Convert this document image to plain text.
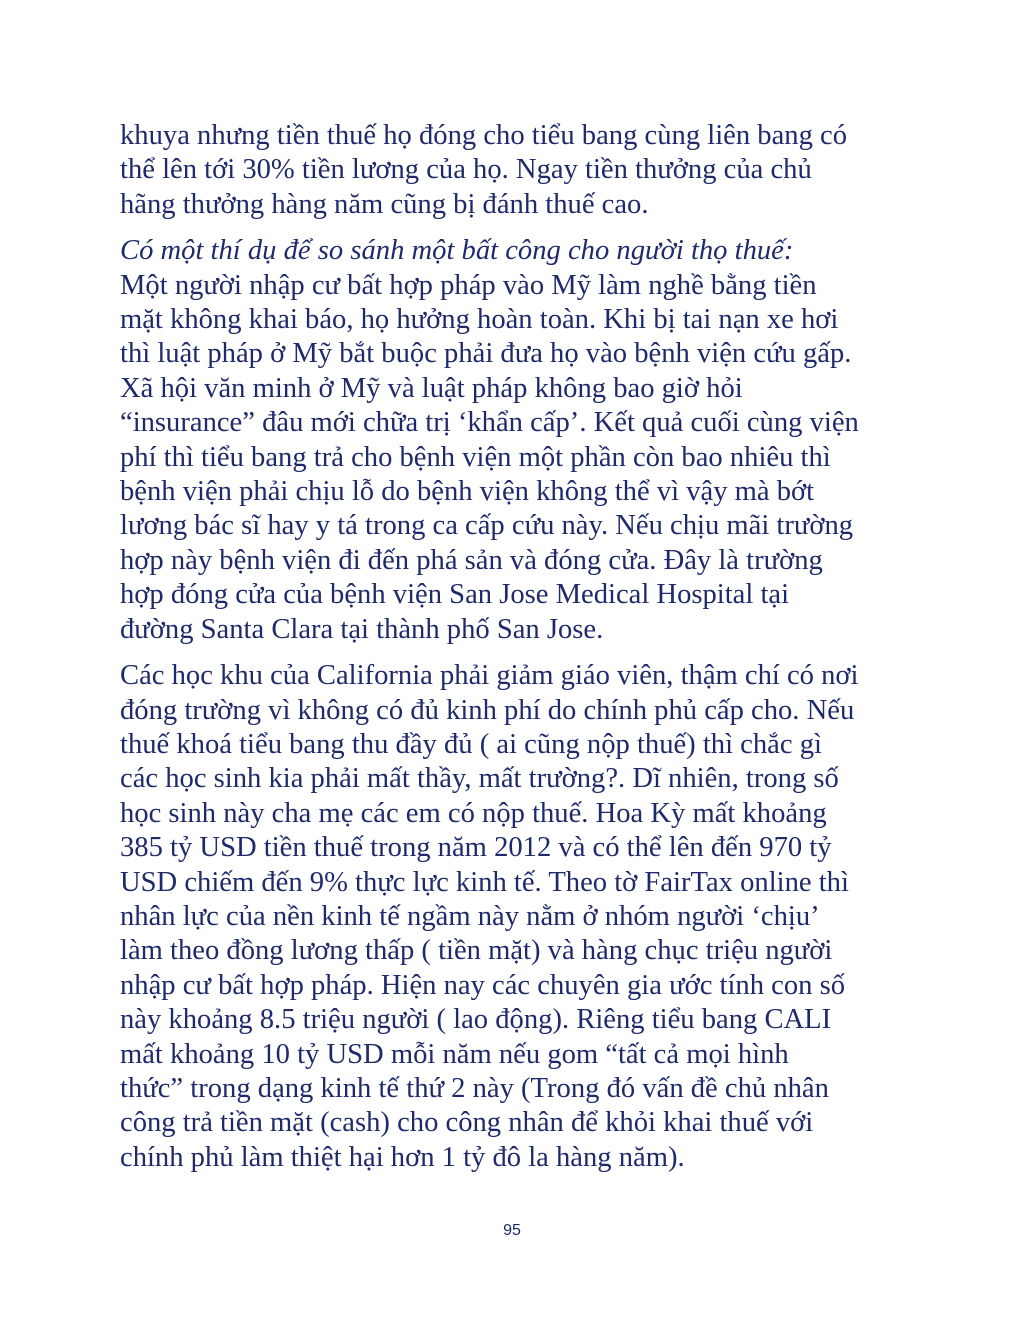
khuya nhưng tiền thuế họ đóng cho tiểu bang cùng liên bang có
thể lên tới 30% tiền lương của họ. Ngay tiền thưởng của chủ
hãng thưởng hàng năm cũng bị đánh thuế cao.

Có một thí dụ để so sánh một bất công cho người thọ thuế:
Một người nhập cư bất hợp pháp vào Mỹ làm nghề bằng tiền
mặt không khai báo, họ hưởng hoàn toàn. Khi bị tai nạn xe hơi
thì luật pháp ở Mỹ bắt buộc phải đưa họ vào bệnh viện cứu gấp.
Xã hội văn minh ở Mỹ và luật pháp không bao giờ hỏi
“insurance” đâu mới chữa trị ‘khẩn cấp’. Kết quả cuối cùng viện
phí thì tiểu bang trả cho bệnh viện một phần còn bao nhiêu thì
bệnh viện phải chịu lỗ do bệnh viện không thể vì vậy mà bớt
lương bác sĩ hay y tá trong ca cấp cứu này. Nếu chịu mãi trường
hợp này bệnh viện đi đến phá sản và đóng cửa. Đây là trường
hợp đóng cửa của bệnh viện San Jose Medical Hospital tại
đường Santa Clara tại thành phố San Jose.

Các học khu của California phải giảm giáo viên, thậm chí có nơi
đóng trường vì không có đủ kinh phí do chính phủ cấp cho. Nếu
thuế khoá tiểu bang thu đầy đủ ( ai cũng nộp thuế) thì chắc gì
các học sinh kia phải mất thầy, mất trường?. Dĩ nhiên, trong số
học sinh này cha mẹ các em có nộp thuế. Hoa Kỳ mất khoảng
385 tỷ USD tiền thuế trong năm 2012 và có thể lên đến 970 tỷ
USD chiếm đến 9% thực lực kinh tế. Theo tờ FairTax online thì
nhân lực của nền kinh tế ngầm này nằm ở nhóm người ‘chịu’
làm theo đồng lương thấp ( tiền mặt) và hàng chục triệu người
nhập cư bất hợp pháp. Hiện nay các chuyên gia ước tính con số
này khoảng 8.5 triệu người ( lao động). Riêng tiểu bang CALI
mất khoảng 10 tỷ USD mỗi năm nếu gom “tất cả mọi hình
thức” trong dạng kinh tế thứ 2 này (Trong đó vấn đề chủ nhân
công trả tiền mặt (cash) cho công nhân để khỏi khai thuế với
chính phủ làm thiệt hại hơn 1 tỷ đô la hàng năm).

95
